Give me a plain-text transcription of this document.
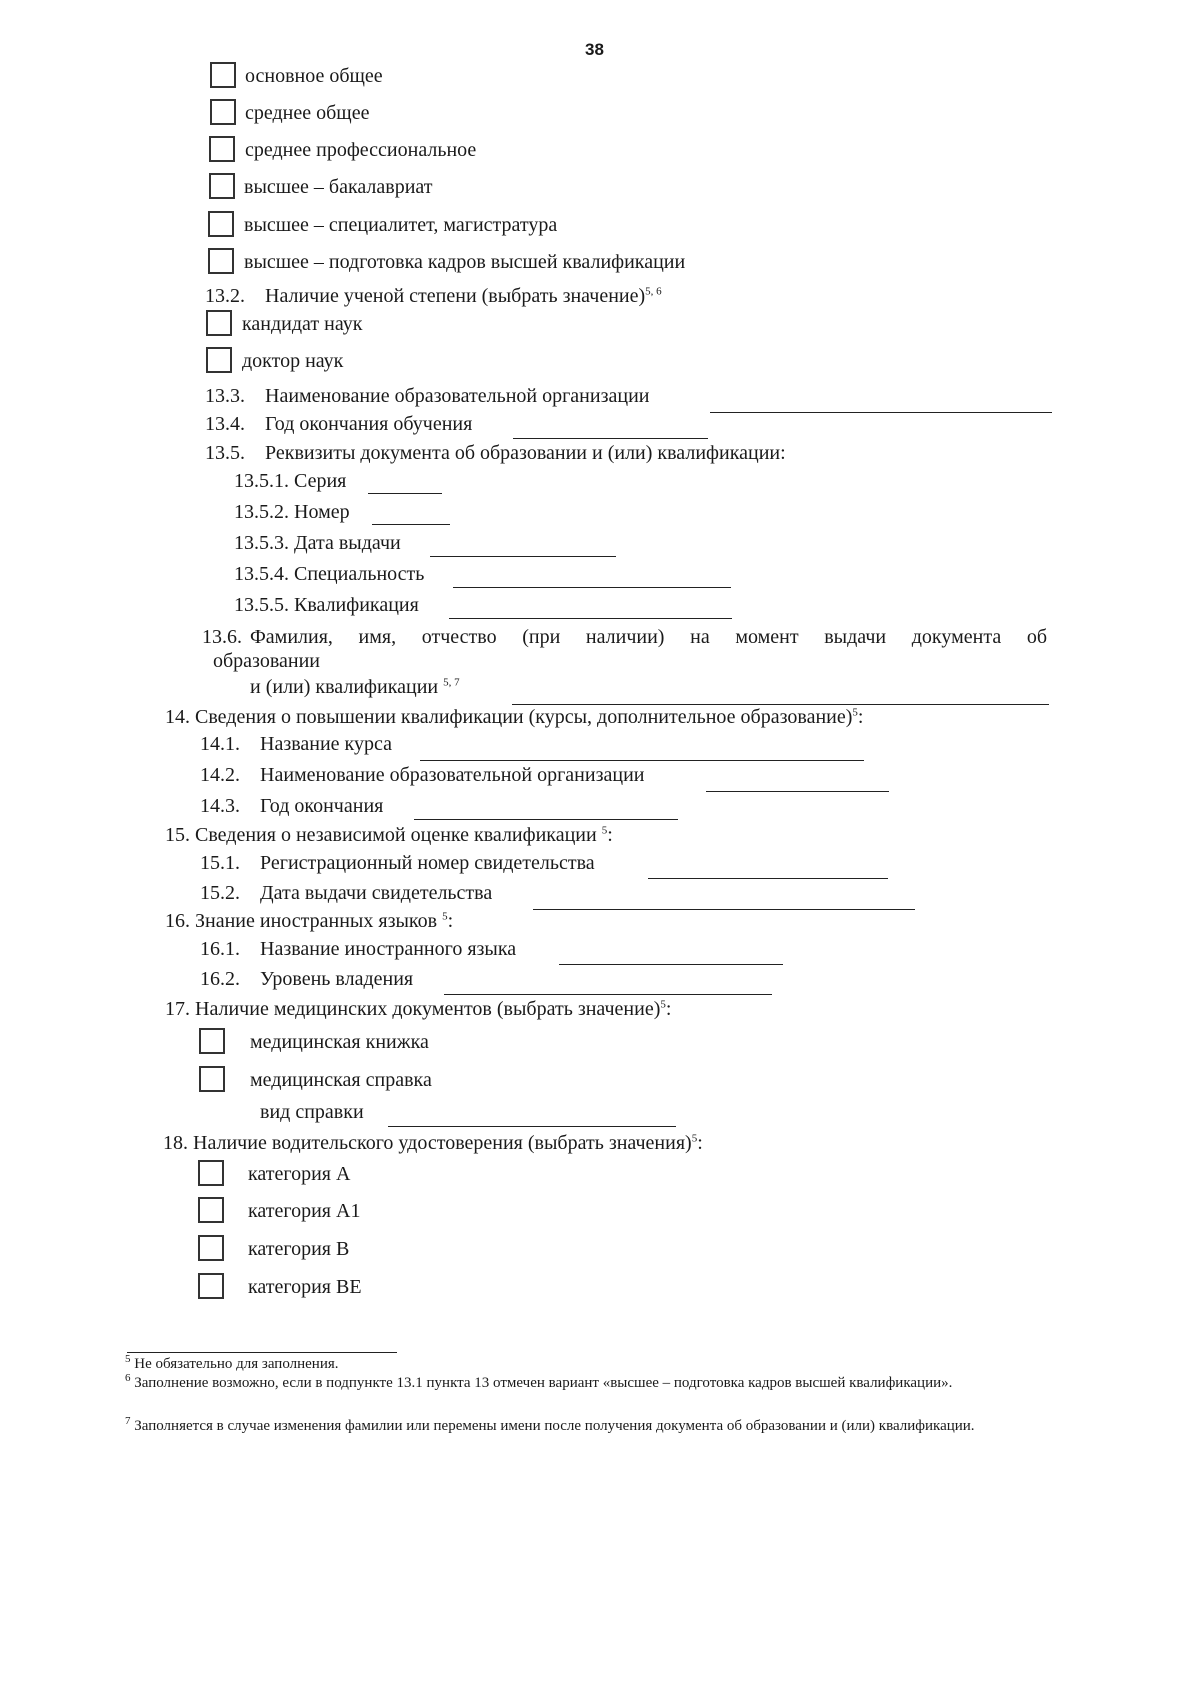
38
основное общее
среднее общее
среднее профессиональное
высшее – бакалавриат
высшее – специалитет, магистратура
высшее – подготовка кадров высшей квалификации
13.2. Наличие ученой степени (выбрать значение)$^{5, 6}$
кандидат наук
доктор наук
13.3. Наименование образовательной организации
13.4. Год окончания обучения
13.5. Реквизиты документа об образовании и (или) квалификации:
13.5.1. Серия
13.5.2. Номер
13.5.3. Дата выдачи
13.5.4. Специальность
13.5.5. Квалификация
13.6. Фамилия, имя, отчество (при наличии) на момент выдачи документа об
образовании
и (или) квалификации $^{5, 7}$
14. Сведения о повышении квалификации (курсы, дополнительное образование)$^5$:
14.1. Название курса
14.2. Наименование образовательной организации
14.3. Год окончания
15. Сведения о независимой оценке квалификации $^5$:
15.1. Регистрационный номер свидетельства
15.2. Дата выдачи свидетельства
16. Знание иностранных языков $^5$:
16.1. Название иностранного языка
16.2. Уровень владения
17. Наличие медицинских документов (выбрать значение)$^5$:
медицинская книжка
медицинская справка
вид справки
18. Наличие водительского удостоверения (выбрать значения)$^5$:
категория A
категория A1
категория B
категория BE
$^5$ Не обязательно для заполнения.
$^6$ Заполнение возможно, если в подпункте 13.1 пункта 13 отмечен вариант «высшее – подготовка кадров высшей квалификации».
$^7$ Заполняется в случае изменения фамилии или перемены имени после получения документа об образовании и (или) квалификации.
